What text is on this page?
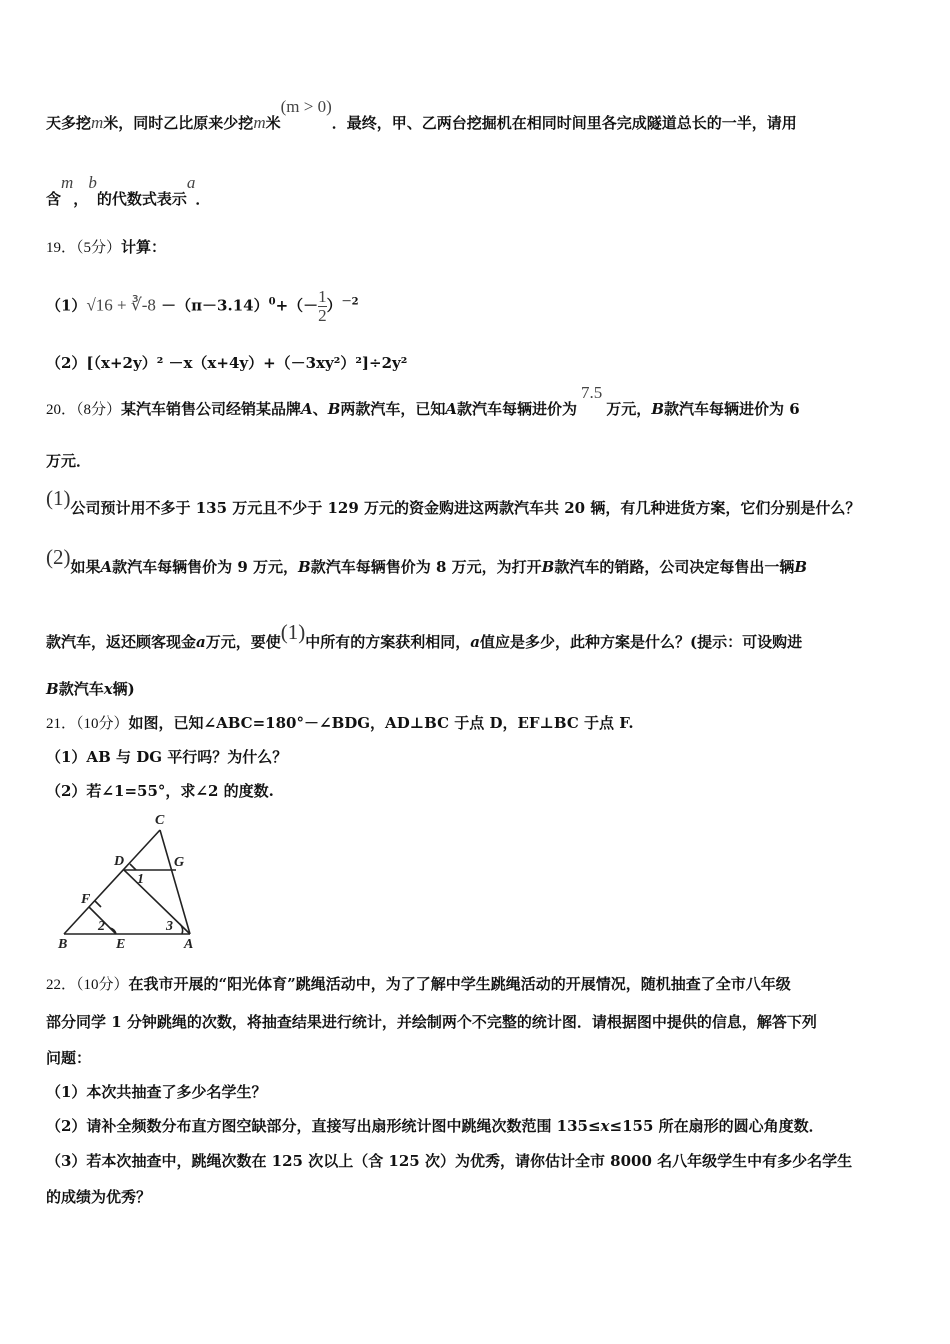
天多挖m米，同时乙比原来少挖m米(m > 0)．最终，甲、乙两台挖掘机在相同时间里各完成隧道总长的一半，请用
含m，b的代数式表示a．
19．（5分）计算：
（1）√16 + ∛-8 $-(\pi-3.14)^0+(- \frac{1}{2} )^{-2}$
（2）[（x+2y）² －x（x+4y）+（－3xy²）²]÷2y²
20．（8分）某汽车销售公司经销某品牌A、B两款汽车，已知A款汽车每辆进价为7.5万元，B款汽车每辆进价为 6
万元．
(1)公司预计用不多于 135 万元且不少于 129 万元的资金购进这两款汽车共 20 辆，有几种进货方案，它们分别是什么？
(2)如果A款汽车每辆售价为 9 万元，B款汽车每辆售价为 8 万元，为打开B款汽车的销路，公司决定每售出一辆B
款汽车，返还顾客现金a万元，要使(1)中所有的方案获利相同，a值应是多少，此种方案是什么？(提示：可设购进
B款汽车x辆)
21．（10分）如图，已知∠ABC=180°－∠BDG，AD⊥BC 于点 D，EF⊥BC 于点 F.
（1）AB 与 DG 平行吗？为什么？
（2）若∠1=55°，求∠2 的度数.
C
D	G
F
B	E	A
1
2	3
22．（10分）在我市开展的“阳光体育”跳绳活动中，为了了解中学生跳绳活动的开展情况，随机抽查了全市八年级
部分同学 1 分钟跳绳的次数，将抽查结果进行统计，并绘制两个不完整的统计图．请根据图中提供的信息，解答下列
问题：
（1）本次共抽查了多少名学生？
（2）请补全频数分布直方图空缺部分，直接写出扇形统计图中跳绳次数范围 135≤x≤155 所在扇形的圆心角度数．
（3）若本次抽查中，跳绳次数在 125 次以上（含 125 次）为优秀，请你估计全市 8000 名八年级学生中有多少名学生
的成绩为优秀？
